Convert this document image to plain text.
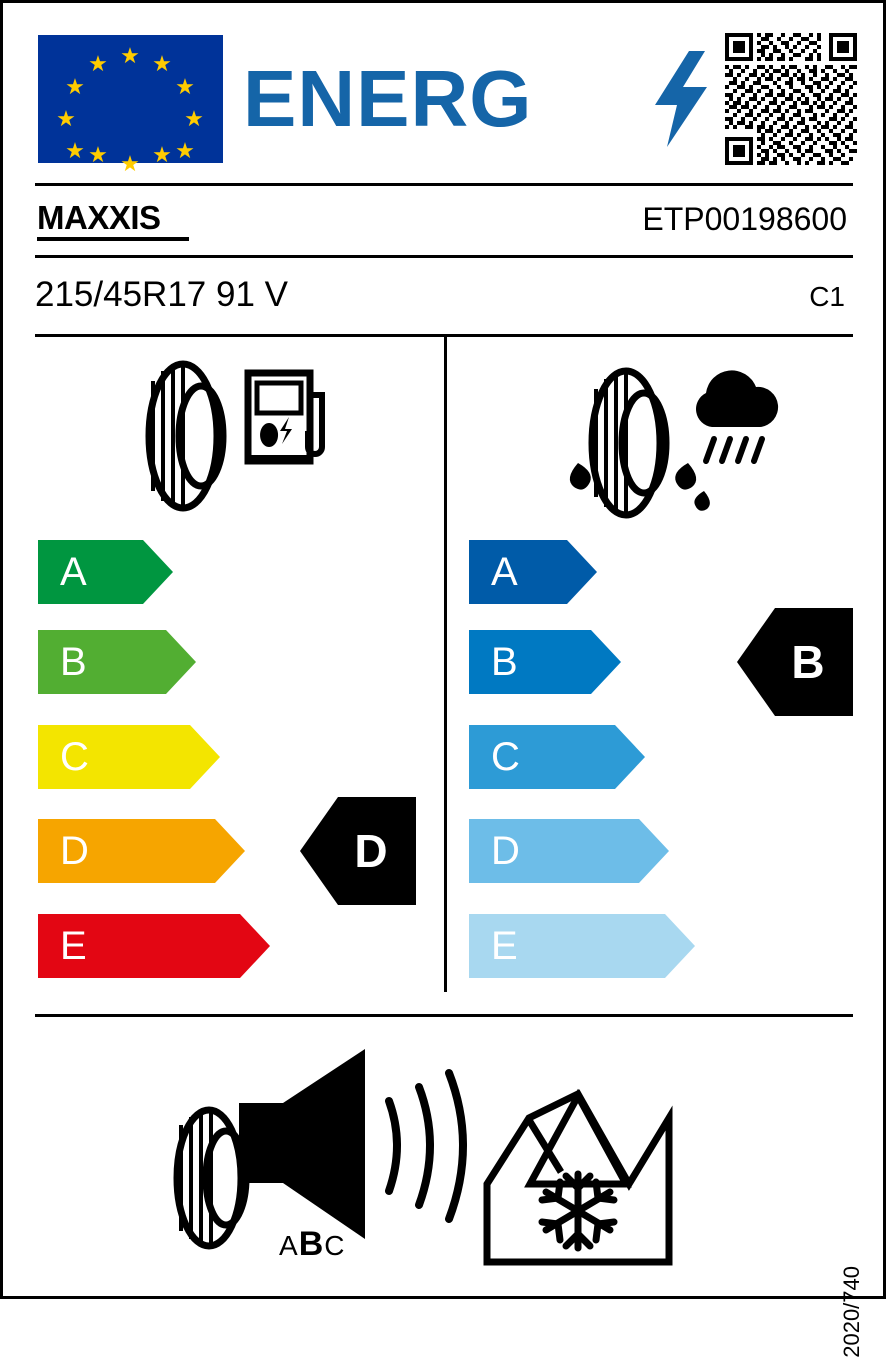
★ ★
★
★
★
★
★
★
★
★
★
★ ENERG
MAXXIS	ETP00198600
215/45R17 91 V	C1
A
B
C
D
E
D
A
B
C
D
E
B
70 dB
ABC
2020/740
